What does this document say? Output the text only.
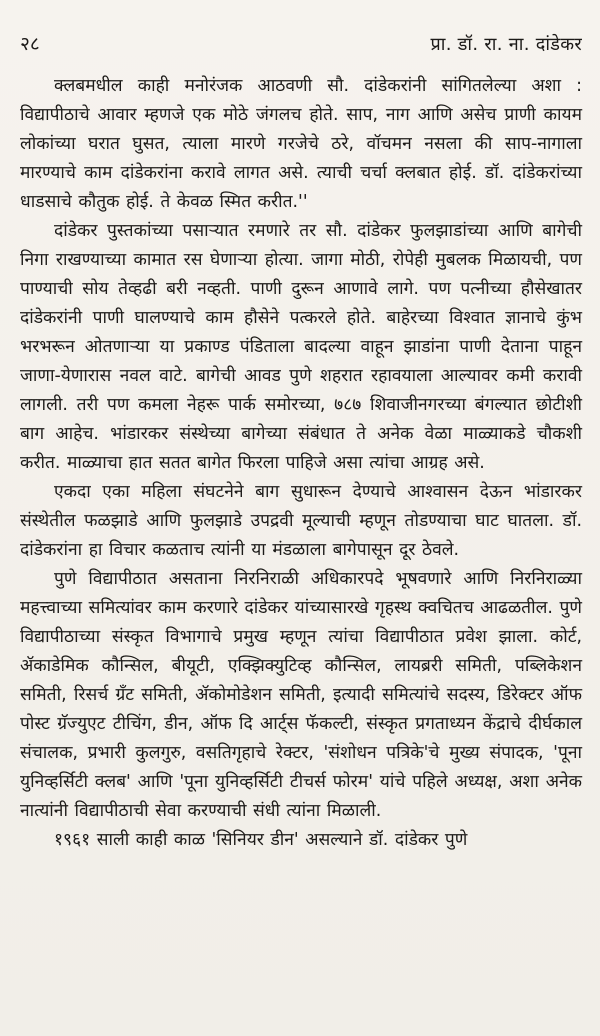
२८	प्रा. डॉ. रा. ना. दांडेकर

क्लबमधील काही मनोरंजक आठवणी सौ. दांडेकरांनी सांगितलेल्या अशा : विद्यापीठाचे आवार म्हणजे एक मोठे जंगलच होते. साप, नाग आणि असेच प्राणी कायम लोकांच्या घरात घुसत, त्याला मारणे गरजेचे ठरे, वॉचमन नसला की साप-नागाला मारण्याचे काम दांडेकरांना करावे लागत असे. त्याची चर्चा क्लबात होई. डॉ. दांडेकरांच्या धाडसाचे कौतुक होई. ते केवळ स्मित करीत.''

दांडेकर पुस्तकांच्या पसाऱ्यात रमणारे तर सौ. दांडेकर फुलझाडांच्या आणि बागेची निगा राखण्याच्या कामात रस घेणाऱ्या होत्या. जागा मोठी, रोपेही मुबलक मिळायची, पण पाण्याची सोय तेव्हढी बरी नव्हती. पाणी दुरून आणावे लागे. पण पत्नीच्या हौसेखातर दांडेकरांनी पाणी घालण्याचे काम हौसेने पत्करले होते. बाहेरच्या विश्वात ज्ञानाचे कुंभ भरभरून ओतणाऱ्या या प्रकाण्ड पंडिताला बादल्या वाहून झाडांना पाणी देताना पाहून जाणा-येणारास नवल वाटे. बागेची आवड पुणे शहरात रहावयाला आल्यावर कमी करावी लागली. तरी पण कमला नेहरू पार्क समोरच्या, ७८७ शिवाजीनगरच्या बंगल्यात छोटीशी बाग आहेच. भांडारकर संस्थेच्या बागेच्या संबंधात ते अनेक वेळा माळ्याकडे चौकशी करीत. माळ्याचा हात सतत बागेत फिरला पाहिजे असा त्यांचा आग्रह असे.

एकदा एका महिला संघटनेने बाग सुधारून देण्याचे आश्वासन देऊन भांडारकर संस्थेतील फळझाडे आणि फुलझाडे उपद्रवी मूल्याची म्हणून तोडण्याचा घाट घातला. डॉ. दांडेकरांना हा विचार कळताच त्यांनी या मंडळाला बागेपासून दूर ठेवले.

पुणे विद्यापीठात असताना निरनिराळी अधिकारपदे भूषवणारे आणि निरनिराळ्या महत्त्वाच्या समित्यांवर काम करणारे दांडेकर यांच्यासारखे गृहस्थ क्वचितच आढळतील. पुणे विद्यापीठाच्या संस्कृत विभागाचे प्रमुख म्हणून त्यांचा विद्यापीठात प्रवेश झाला. कोर्ट, ॲकाडेमिक कौन्सिल, बीयूटी, एक्झिक्युटिव्ह कौन्सिल, लायब्ररी समिती, पब्लिकेशन समिती, रिसर्च ग्रँट समिती, ॲकोमोडेशन समिती, इत्यादी समित्यांचे सदस्य, डिरेक्टर ऑफ पोस्ट ग्रॅज्युएट टीचिंग, डीन, ऑफ दि आर्ट्स फॅकल्टी, संस्कृत प्रगताध्यन केंद्राचे दीर्घकाल संचालक, प्रभारी कुलगुरु, वसतिगृहाचे रेक्टर, 'संशोधन पत्रिके'चे मुख्य संपादक, 'पूना युनिव्हर्सिटी क्लब' आणि 'पूना युनिव्हर्सिटी टीचर्स फोरम' यांचे पहिले अध्यक्ष, अशा अनेक नात्यांनी विद्यापीठाची सेवा करण्याची संधी त्यांना मिळाली.

१९६१ साली काही काळ 'सिनियर डीन' असल्याने डॉ. दांडेकर पुणे
